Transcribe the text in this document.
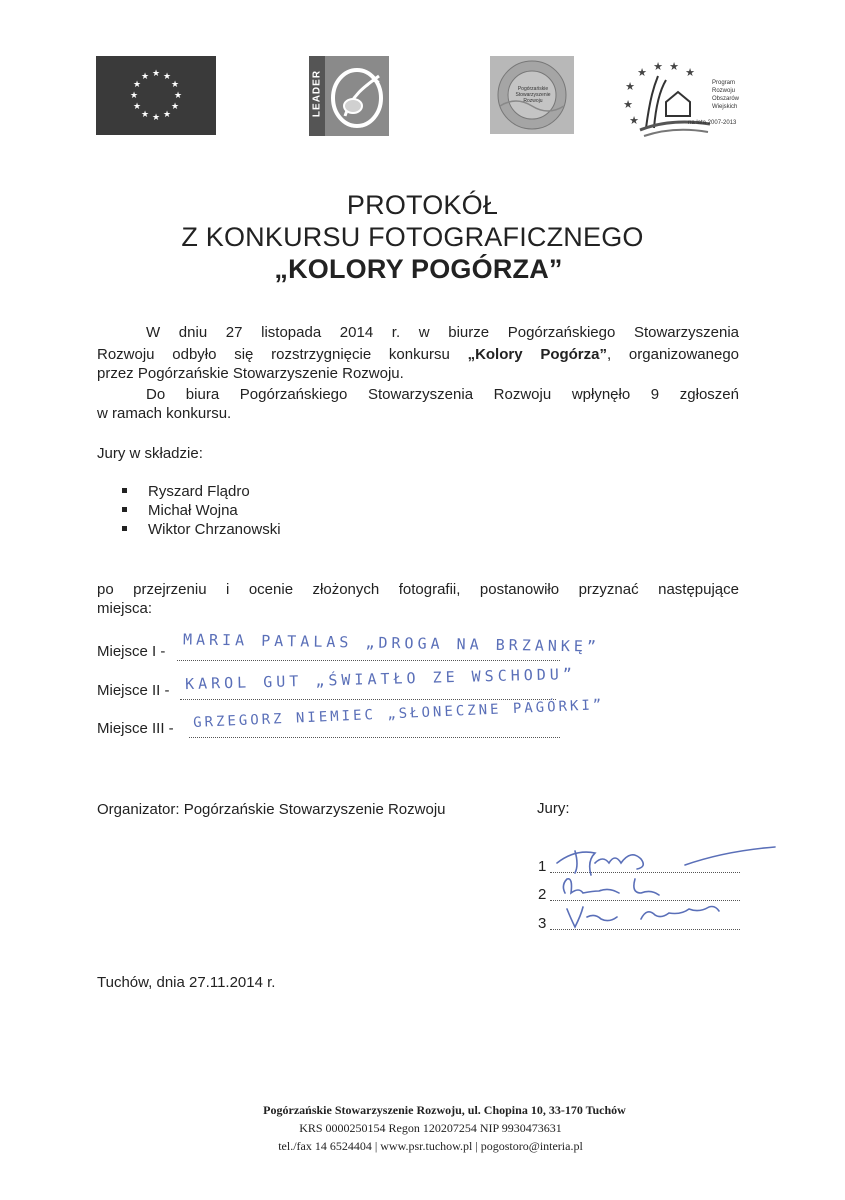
★ ★
★
★
★
★
★
★
★
★
★
★	LEADER	Pogórzańskie Stowarzyszenie Rozwoju
★ ★ ★ ★
★
★
★
Program
Rozwoju
Obszarów
Wiejskich
na lata 2007-2013
PROTOKÓŁ
Z KONKURSU FOTOGRAFICZNEGO
„KOLORY POGÓRZA”
W dniu 27 listopada 2014 r. w biurze Pogórzańskiego Stowarzyszenia
Rozwoju odbyło się rozstrzygnięcie konkursu „Kolory Pogórza”, organizowanego
przez Pogórzańskie Stowarzyszenie Rozwoju.
Do biura Pogórzańskiego Stowarzyszenia Rozwoju wpłynęło 9 zgłoszeń
w ramach konkursu.
Jury w składzie:
Ryszard Flądro
Michał Wojna
Wiktor Chrzanowski
po przejrzeniu i ocenie złożonych fotografii, postanowiło przyznać następujące
miejsca:
Miejsce I - MARIA PATALAS „DROGA NA BRZANKĘ”
Miejsce II - KAROL GUT „ŚWIATŁO ZE WSCHODU”
Miejsce III - GRZEGORZ NIEMIEC „SŁONECZNE PAGÓRKI”
Organizator: Pogórzańskie Stowarzyszenie Rozwoju	Jury:
1
2
3
Tuchów, dnia 27.11.2014 r.
Pogórzańskie Stowarzyszenie Rozwoju, ul. Chopina 10, 33-170 Tuchów
KRS 0000250154 Regon 120207254 NIP 9930473631
tel./fax 14 6524404 | www.psr.tuchow.pl | pogostoro@interia.pl
